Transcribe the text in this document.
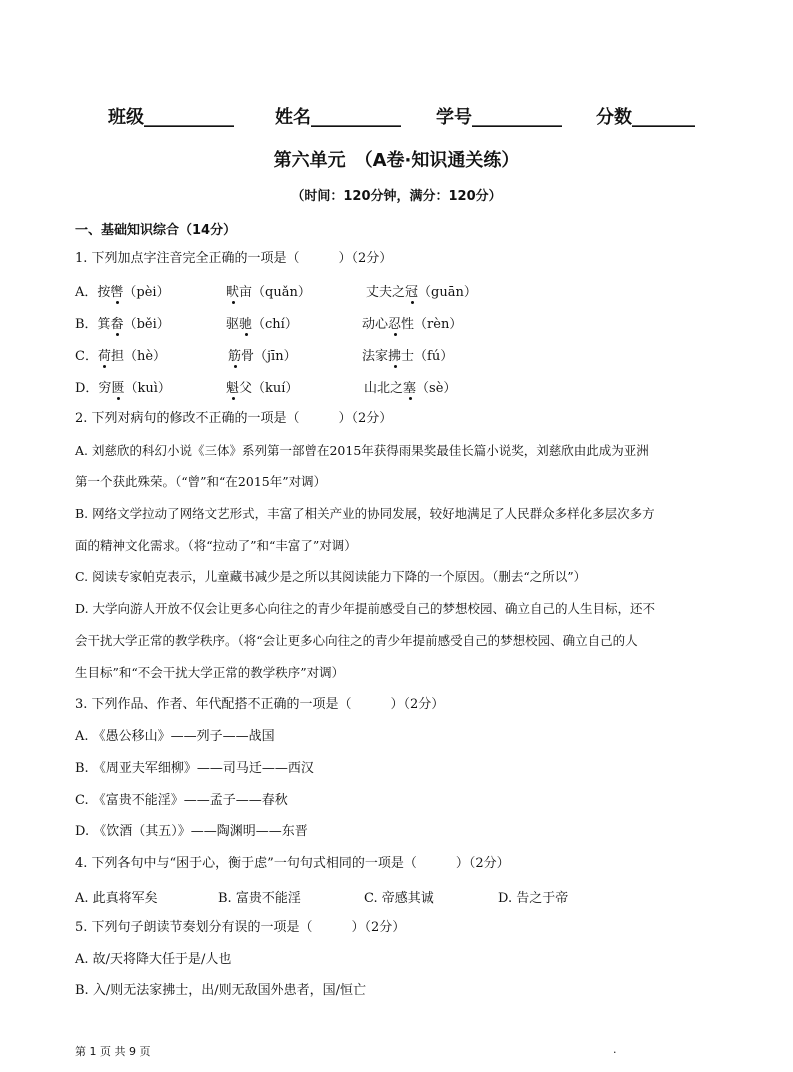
班级__________ 姓名__________ 学号__________ 分数_______
第六单元　（A卷·知识通关练）
（时间：120分钟，满分：120分）
一、基础知识综合（14分）
1. 下列加点字注音完全正确的一项是（　　　）（2分）
A．按辔（pèi）	畎亩（quǎn）	丈夫之冠（guān）
B．箕畚（běi）	驱驰（chí）	动心忍性（rèn）
C．荷担（hè）	筋骨（jīn）	法家拂士（fú）
D．穷匮（kuì）	魁父（kuí）	山北之塞（sè）
2. 下列对病句的修改不正确的一项是（　　　）（2分）
A. 刘慈欣的科幻小说《三体》系列第一部曾在2015年获得雨果奖最佳长篇小说奖，刘慈欣由此成为亚洲
第一个获此殊荣。（“曾”和“在2015年”对调）
B. 网络文学拉动了网络文艺形式，丰富了相关产业的协同发展，较好地满足了人民群众多样化多层次多方
面的精神文化需求。（将“拉动了”和“丰富了”对调）
C. 阅读专家帕克表示，儿童藏书减少是之所以其阅读能力下降的一个原因。（删去“之所以”）
D. 大学向游人开放不仅会让更多心向往之的青少年提前感受自己的梦想校园、确立自己的人生目标，还不
会干扰大学正常的教学秩序。（将“会让更多心向往之的青少年提前感受自己的梦想校园、确立自己的人
生目标”和“不会干扰大学正常的教学秩序”对调）
3. 下列作品、作者、年代配搭不正确的一项是（　　　）（2分）
A. 《愚公移山》——列子——战国
B. 《周亚夫军细柳》——司马迁——西汉
C. 《富贵不能淫》——孟子——春秋
D. 《饮酒（其五）》——陶渊明——东晋
4. 下列各句中与“困于心，衡于虑”一句句式相同的一项是（　　　）（2分）
A. 此真将军矣	B. 富贵不能淫	C. 帝感其诚	D. 告之于帝
5. 下列句子朗读节奏划分有误的一项是（　　　）（2分）
A. 故/天将降大任于是/人也
B. 入/则无法家拂士，出/则无敌国外患者，国/恒亡
第 1 页 共 9 页	.
